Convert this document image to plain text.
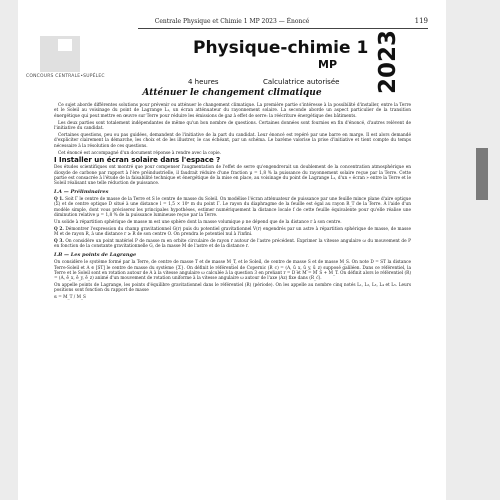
Centrale Physique et Chimie 1 MP 2023 — Énoncé	119
CONCOURS CENTRALE•SUPÉLEC
Physique-chimie 1
MP 2023
4 heures	Calculatrice autorisée
Atténuer le changement climatique

Ce sujet aborde différentes solutions pour prévenir ou atténuer le changement climatique. La première partie s'intéresse à la possibilité d'installer, entre la Terre et le Soleil au voisinage du point de Lagrange L₁, un écran atténuateur du rayonnement solaire. La seconde aborde un aspect particulier de la transition énergétique qui peut mettre en œuvre sur Terre pour réduire les émissions de gaz à effet de serre: la réécriture énergétique des bâtiments.

Les deux parties sont totalement indépendantes de même qu'un bon nombre de questions. Certaines données sont fournies en fin d'énoncé, d'autres relèvent de l'initiative du candidat.

Certaines questions, peu ou pas guidées, demandent de l'initiative de la part du candidat. Leur énoncé est repéré par une barre en marge. Il est alors demandé d'expliciter clairement la démarche, les choix et de les illustrer, le cas échéant, par un schéma. Le barème valorise la prise d'initiative et tient compte du temps nécessaire à la résolution de ces questions.

Cet énoncé est accompagné d'un document réponse à rendre avec la copie.

I Installer un écran solaire dans l'espace ?

Des études scientifiques ont montré que pour compenser l'augmentation de l'effet de serre qu'engendrerait un doublement de la concentration atmosphérique en dioxyde de carbone par rapport à l'ère préindustrielle, il faudrait réduire d'une fraction μ = 1,8 % la puissance du rayonnement solaire reçue par la Terre. Cette partie est consacrée à l'étude de la faisabilité technique et énergétique de la mise en place, au voisinage du point de Lagrange L₁, d'un « écran » entre la Terre et le Soleil réalisant une telle réduction de puissance.

I.A — Préliminaires

Q 1. Soit Γ le centre de masse de la Terre et S le centre de masse du Soleil. On modélise l'écran atténuateur de puissance par une feuille mince plane d'aire optique (Σ) et de centre optique D situé à une distance l = 1,5 × 10⁹ m du point Γ. Le rayon du diaphragme de la feuille est égal au rayon R_T de la Terre. À l'aide d'un modèle simple, dont vous préciserez les principales hypothèses, estimer numériquement la distance locale f de cette feuille équivalente pour qu'elle réalise une diminution relative μ = 1,8 % de la puissance lumineuse reçue par la Terre.

Un solide à répartition sphérique de masse m est une sphère dont la masse volumique ρ ne dépend que de la distance r à son centre.

Q 2. Démontrer l'expression du champ gravitationnel G(r) puis du potentiel gravitationnel V(r) engendrés par un astre à répartition sphérique de masse, de masse M et de rayon R, à une distance r ≥ R de son centre O. On prendra le potentiel nul à l'infini.

Q 3. On considère un point matériel P de masse m en orbite circulaire de rayon r autour de l'astre précédent. Exprimer la vitesse angulaire ω du mouvement de P en fonction de la constante gravitationnelle G, de la masse M de l'astre et de la distance r.

I.B — Les points de Lagrange

On considère le système formé par la Terre, de centre de masse T et de masse M_T, et le Soleil, de centre de masse S et de masse M_S. On note D = ST la distance Terre-Soleil et A ∈ [ST] le centre de masse du système {Σ}. On définit le référentiel de Copernic (R_c) = (A, ū_x, ū_y, ū_z) supposé galiléen. Dans ce référentiel, la Terre et le Soleil sont en rotation autour de A à la vitesse angulaire ω calculée à la question 3 en prenant r = D et M = M_S + M_T. On définit alors le référentiel (R) = (A, ē_x, ē_y, ē_z) animé d'un mouvement de rotation uniforme à la vitesse angulaire ω autour de l'axe (Az) fixe dans (R_c).

On appelle points de Lagrange, les points d'équilibre gravitationnel dans le référentiel (R) (période). On les appelle au nombre cinq notés L₁, L₂, L₃, L₄ et L₅. Leurs positions sont fonction du rapport de masse

α = M_T / M_S
